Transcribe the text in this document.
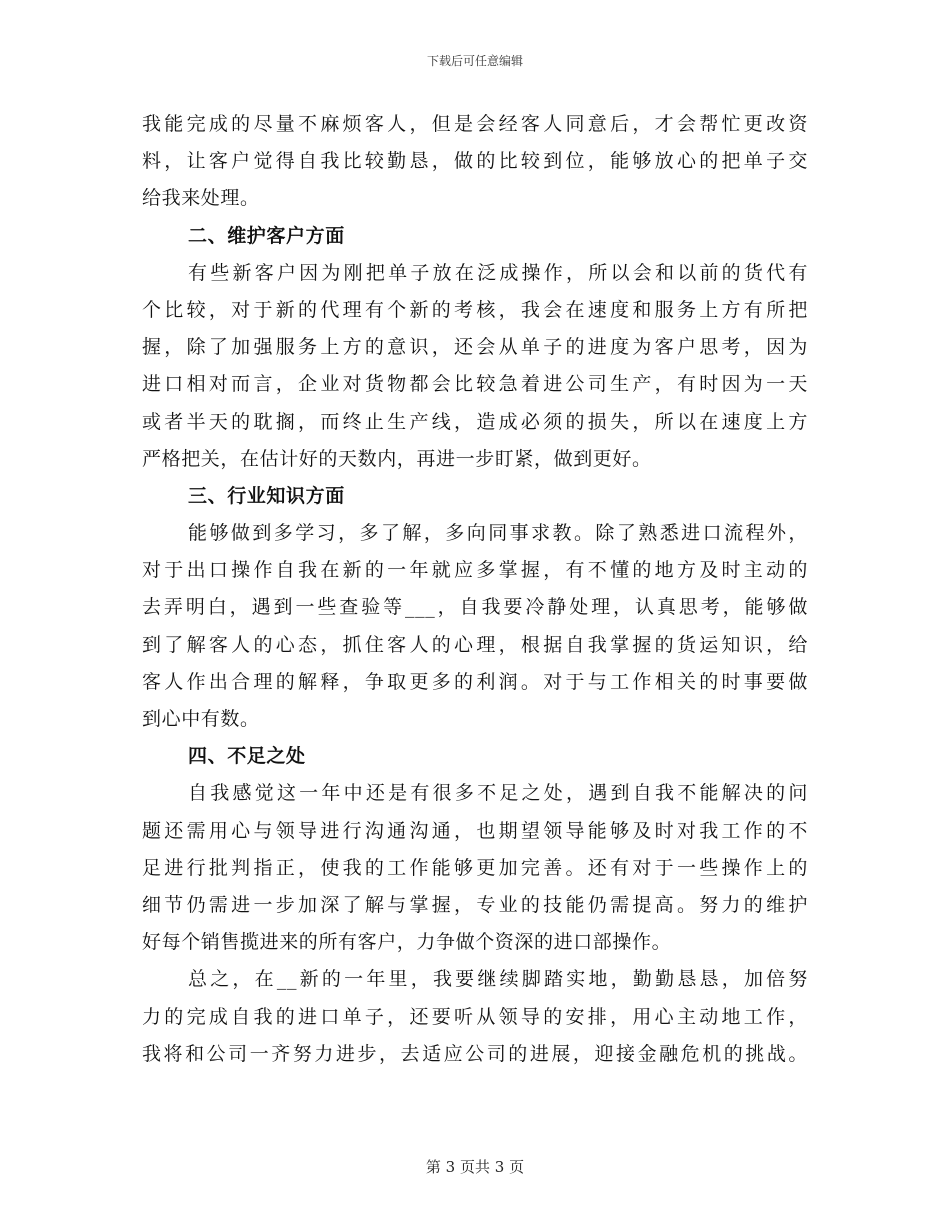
下载后可任意编辑
我能完成的尽量不麻烦客人，但是会经客人同意后，才会帮忙更改资
料，让客户觉得自我比较勤恳，做的比较到位，能够放心的把单子交
给我来处理。
二、维护客户方面
有些新客户因为刚把单子放在泛成操作，所以会和以前的货代有
个比较，对于新的代理有个新的考核，我会在速度和服务上方有所把
握，除了加强服务上方的意识，还会从单子的进度为客户思考，因为
进口相对而言，企业对货物都会比较急着进公司生产，有时因为一天
或者半天的耽搁，而终止生产线，造成必须的损失，所以在速度上方
严格把关，在估计好的天数内，再进一步盯紧，做到更好。
三、行业知识方面
能够做到多学习，多了解，多向同事求教。除了熟悉进口流程外，
对于出口操作自我在新的一年就应多掌握，有不懂的地方及时主动的
去弄明白，遇到一些查验等___，自我要冷静处理，认真思考，能够做
到了解客人的心态，抓住客人的心理，根据自我掌握的货运知识，给
客人作出合理的解释，争取更多的利润。对于与工作相关的时事要做
到心中有数。
四、不足之处
自我感觉这一年中还是有很多不足之处，遇到自我不能解决的问
题还需用心与领导进行沟通沟通，也期望领导能够及时对我工作的不
足进行批判指正，使我的工作能够更加完善。还有对于一些操作上的
细节仍需进一步加深了解与掌握，专业的技能仍需提高。努力的维护
好每个销售揽进来的所有客户，力争做个资深的进口部操作。
总之，在__新的一年里，我要继续脚踏实地，勤勤恳恳，加倍努
力的完成自我的进口单子，还要听从领导的安排，用心主动地工作，
我将和公司一齐努力进步，去适应公司的进展，迎接金融危机的挑战。
第 3 页共 3 页
